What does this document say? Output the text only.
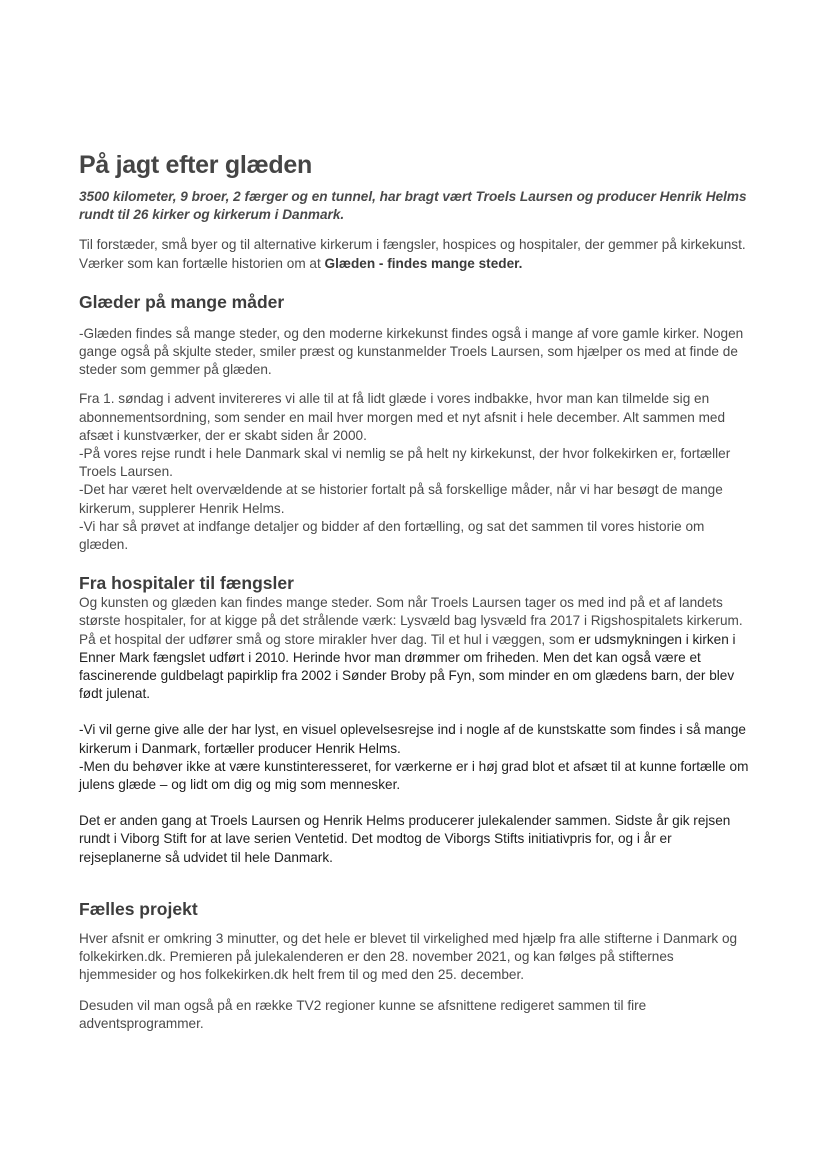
På jagt efter glæden

3500 kilometer, 9 broer, 2 færger og en tunnel, har bragt vært Troels Laursen og producer Henrik Helms rundt til 26 kirker og kirkerum i Danmark.

Til forstæder, små byer og til alternative kirkerum i fængsler, hospices og hospitaler, der gemmer på kirkekunst. Værker som kan fortælle historien om at Glæden - findes mange steder.

Glæder på mange måder

-Glæden findes så mange steder, og den moderne kirkekunst findes også i mange af vore gamle kirker. Nogen gange også på skjulte steder, smiler præst og kunstanmelder Troels Laursen, som hjælper os med at finde de steder som gemmer på glæden.

Fra 1. søndag i advent invitereres vi alle til at få lidt glæde i vores indbakke, hvor man kan tilmelde sig en abonnementsordning, som sender en mail hver morgen med et nyt afsnit i hele december. Alt sammen med afsæt i kunstværker, der er skabt siden år 2000.
-På vores rejse rundt i hele Danmark skal vi nemlig se på helt ny kirkekunst, der hvor folkekirken er, fortæller Troels Laursen.
-Det har været helt overvældende at se historier fortalt på så forskellige måder, når vi har besøgt de mange kirkerum, supplerer Henrik Helms.
-Vi har så prøvet at indfange detaljer og bidder af den fortælling, og sat det sammen til vores historie om glæden.

Fra hospitaler til fængsler

Og kunsten og glæden kan findes mange steder. Som når Troels Laursen tager os med ind på et af landets største hospitaler, for at kigge på det strålende værk: Lysvæld bag lysvæld fra 2017 i Rigshospitalets kirkerum. På et hospital der udfører små og store mirakler hver dag. Til et hul i væggen, som er udsmykningen i kirken i Enner Mark fængslet udført i 2010. Herinde hvor man drømmer om friheden. Men det kan også være et fascinerende guldbelagt papirklip fra 2002 i Sønder Broby på Fyn, som minder en om glædens barn, der blev født julenat.

-Vi vil gerne give alle der har lyst, en visuel oplevelsesrejse ind i nogle af de kunstskatte som findes i så mange kirkerum i Danmark, fortæller producer Henrik Helms.
-Men du behøver ikke at være kunstinteresseret, for værkerne er i høj grad blot et afsæt til at kunne fortælle om julens glæde – og lidt om dig og mig som mennesker.

Det er anden gang at Troels Laursen og Henrik Helms producerer julekalender sammen. Sidste år gik rejsen rundt i Viborg Stift for at lave serien Ventetid. Det modtog de Viborgs Stifts initiativpris for, og i år er rejseplanerne så udvidet til hele Danmark.

Fælles projekt

Hver afsnit er omkring 3 minutter, og det hele er blevet til virkelighed med hjælp fra alle stifterne i Danmark og folkekirken.dk. Premieren på julekalenderen er den 28. november 2021, og kan følges på stifternes hjemmesider og hos folkekirken.dk helt frem til og med den 25. december.

Desuden vil man også på en række TV2 regioner kunne se afsnittene redigeret sammen til fire adventsprogrammer.
